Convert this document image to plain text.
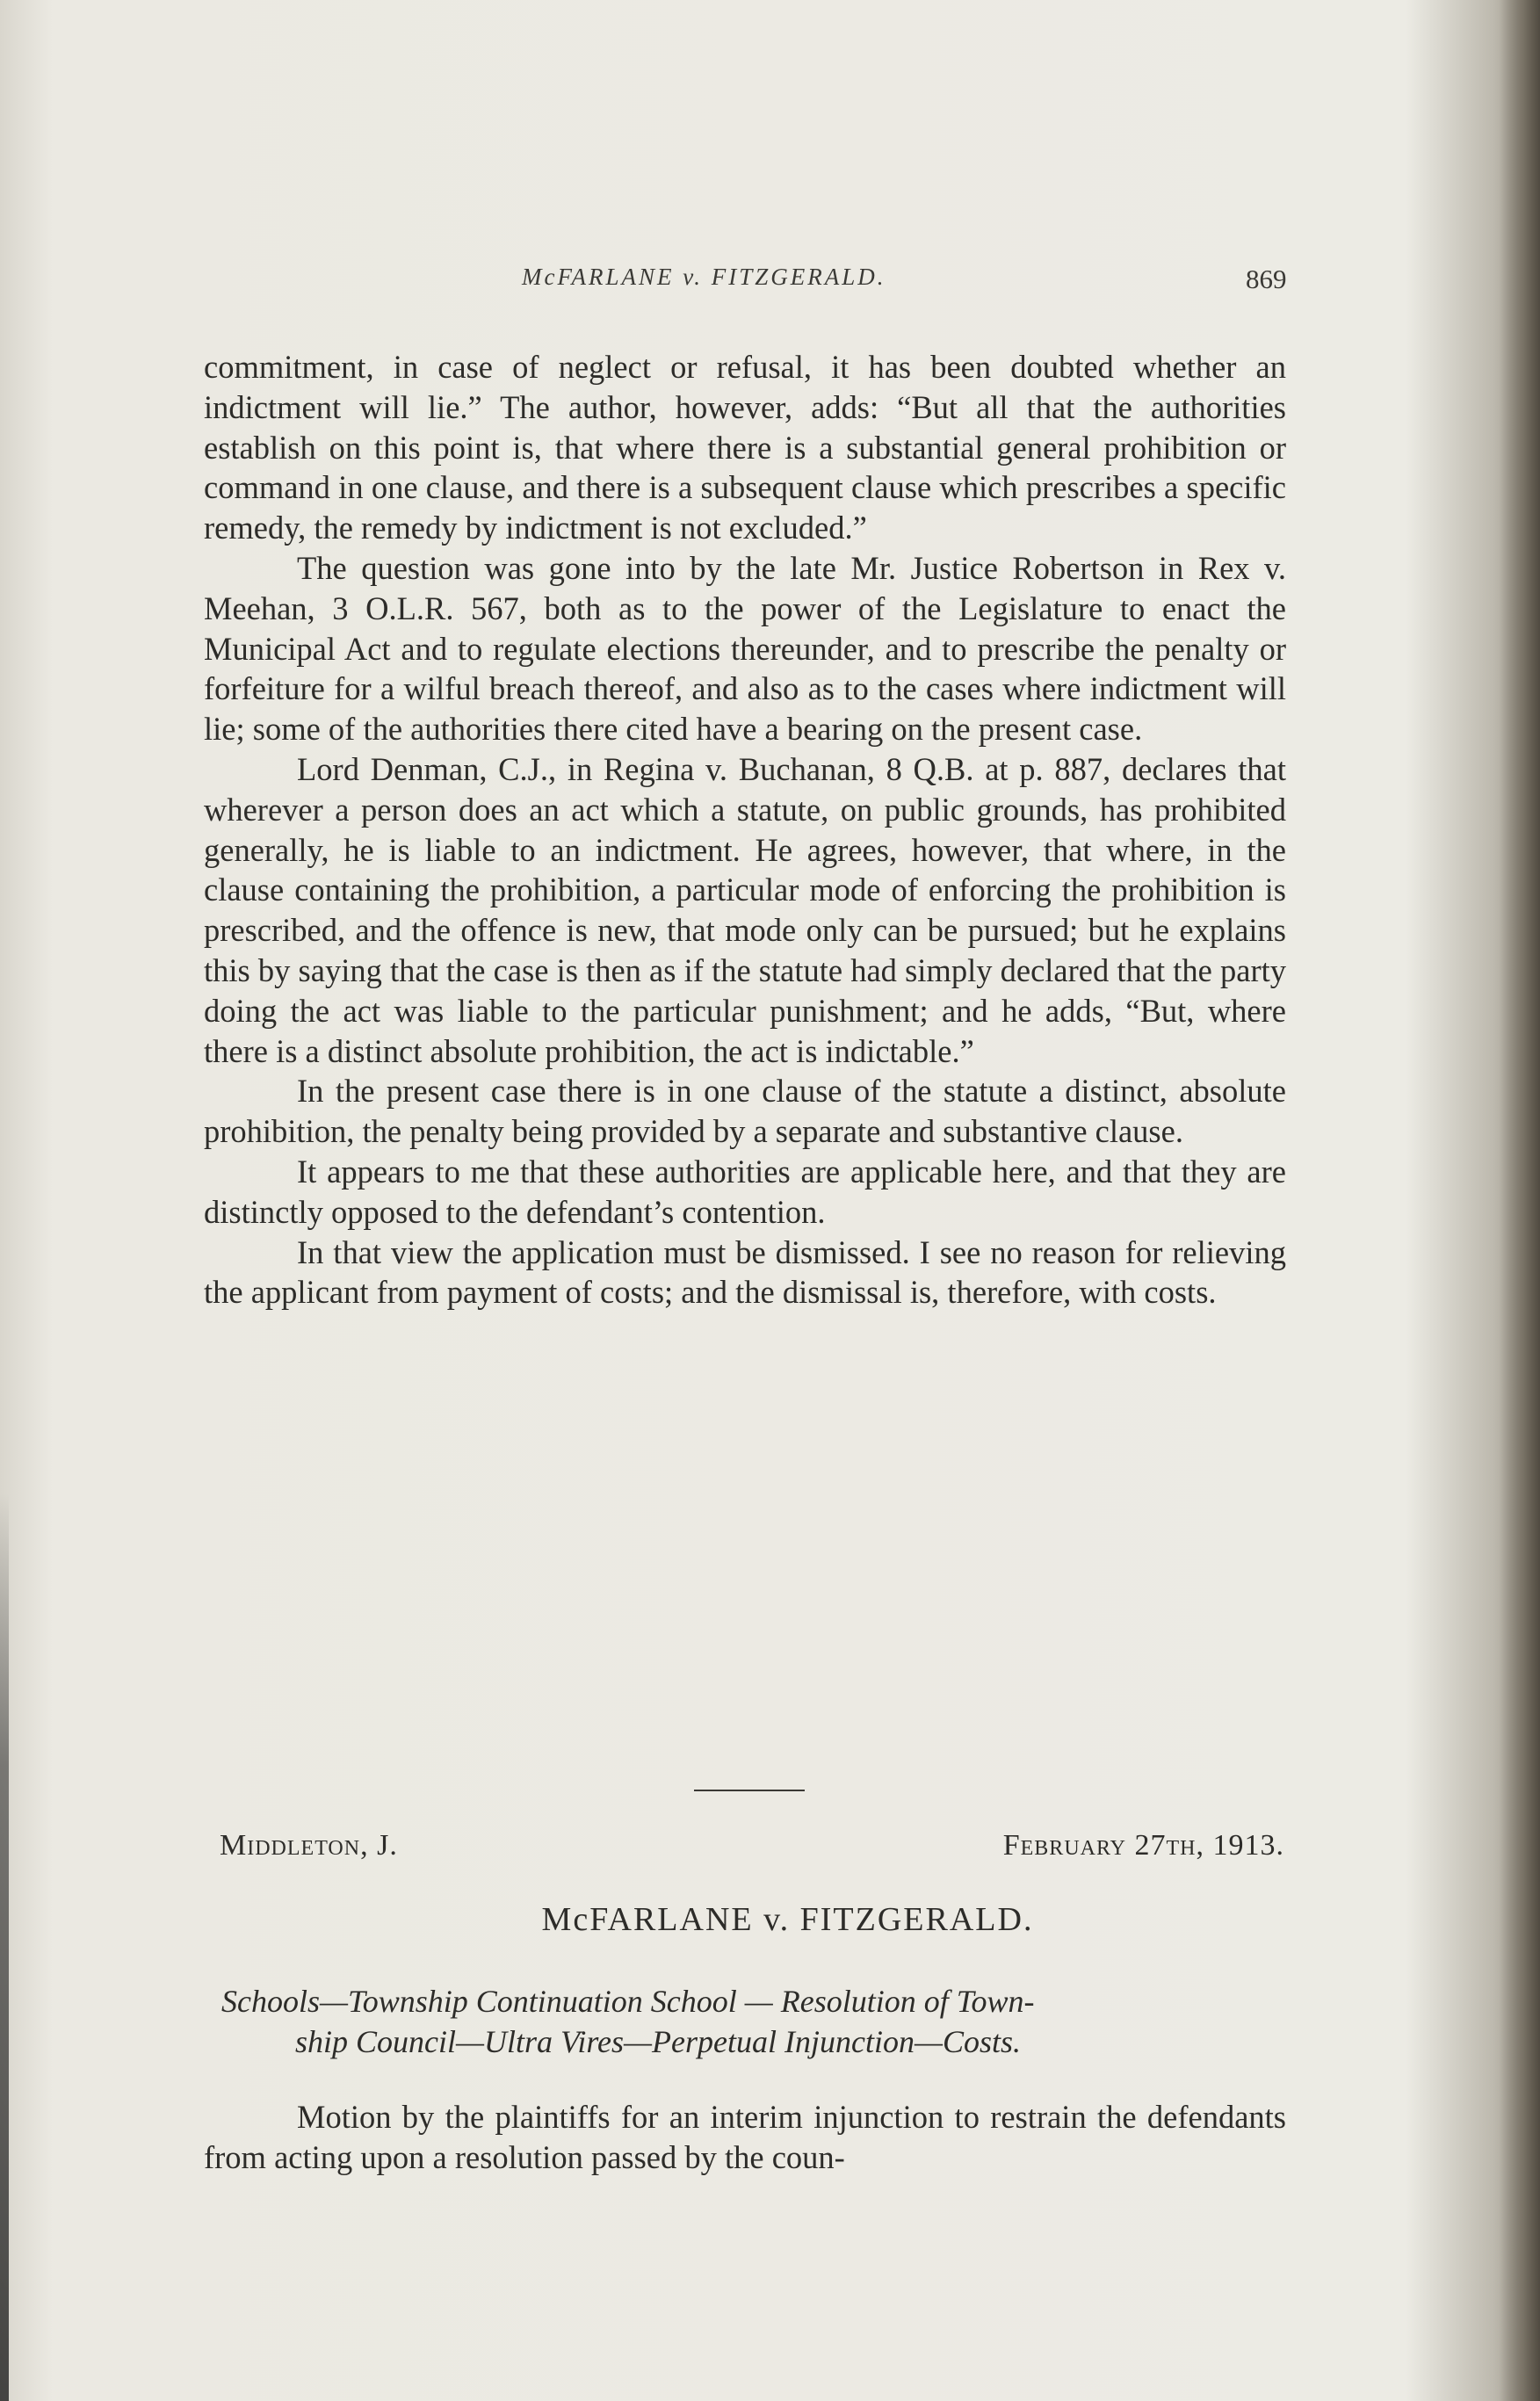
McFARLANE v. FITZGERALD.	869

commitment, in case of neglect or refusal, it has been doubted whether an indictment will lie.” The author, however, adds: “But all that the authorities establish on this point is, that where there is a substantial general prohibition or command in one clause, and there is a subsequent clause which prescribes a specific remedy, the remedy by indictment is not excluded.”

The question was gone into by the late Mr. Justice Robertson in Rex v. Meehan, 3 O.L.R. 567, both as to the power of the Legislature to enact the Municipal Act and to regulate elections thereunder, and to prescribe the penalty or forfeiture for a wilful breach thereof, and also as to the cases where indictment will lie; some of the authorities there cited have a bearing on the present case.

Lord Denman, C.J., in Regina v. Buchanan, 8 Q.B. at p. 887, declares that wherever a person does an act which a statute, on public grounds, has prohibited generally, he is liable to an indictment. He agrees, however, that where, in the clause containing the prohibition, a particular mode of enforcing the prohibition is prescribed, and the offence is new, that mode only can be pursued; but he explains this by saying that the case is then as if the statute had simply declared that the party doing the act was liable to the particular punishment; and he adds, “But, where there is a distinct absolute prohibition, the act is indictable.”

In the present case there is in one clause of the statute a distinct, absolute prohibition, the penalty being provided by a separate and substantive clause.

It appears to me that these authorities are applicable here, and that they are distinctly opposed to the defendant’s contention.

In that view the application must be dismissed. I see no reason for relieving the applicant from payment of costs; and the dismissal is, therefore, with costs.

Middleton, J.	February 27th, 1913.
McFARLANE v. FITZGERALD.
Schools—Township Continuation School — Resolution of Town-
ship Council—Ultra Vires—Perpetual Injunction—Costs.

Motion by the plaintiffs for an interim injunction to restrain the defendants from acting upon a resolution passed by the coun-
